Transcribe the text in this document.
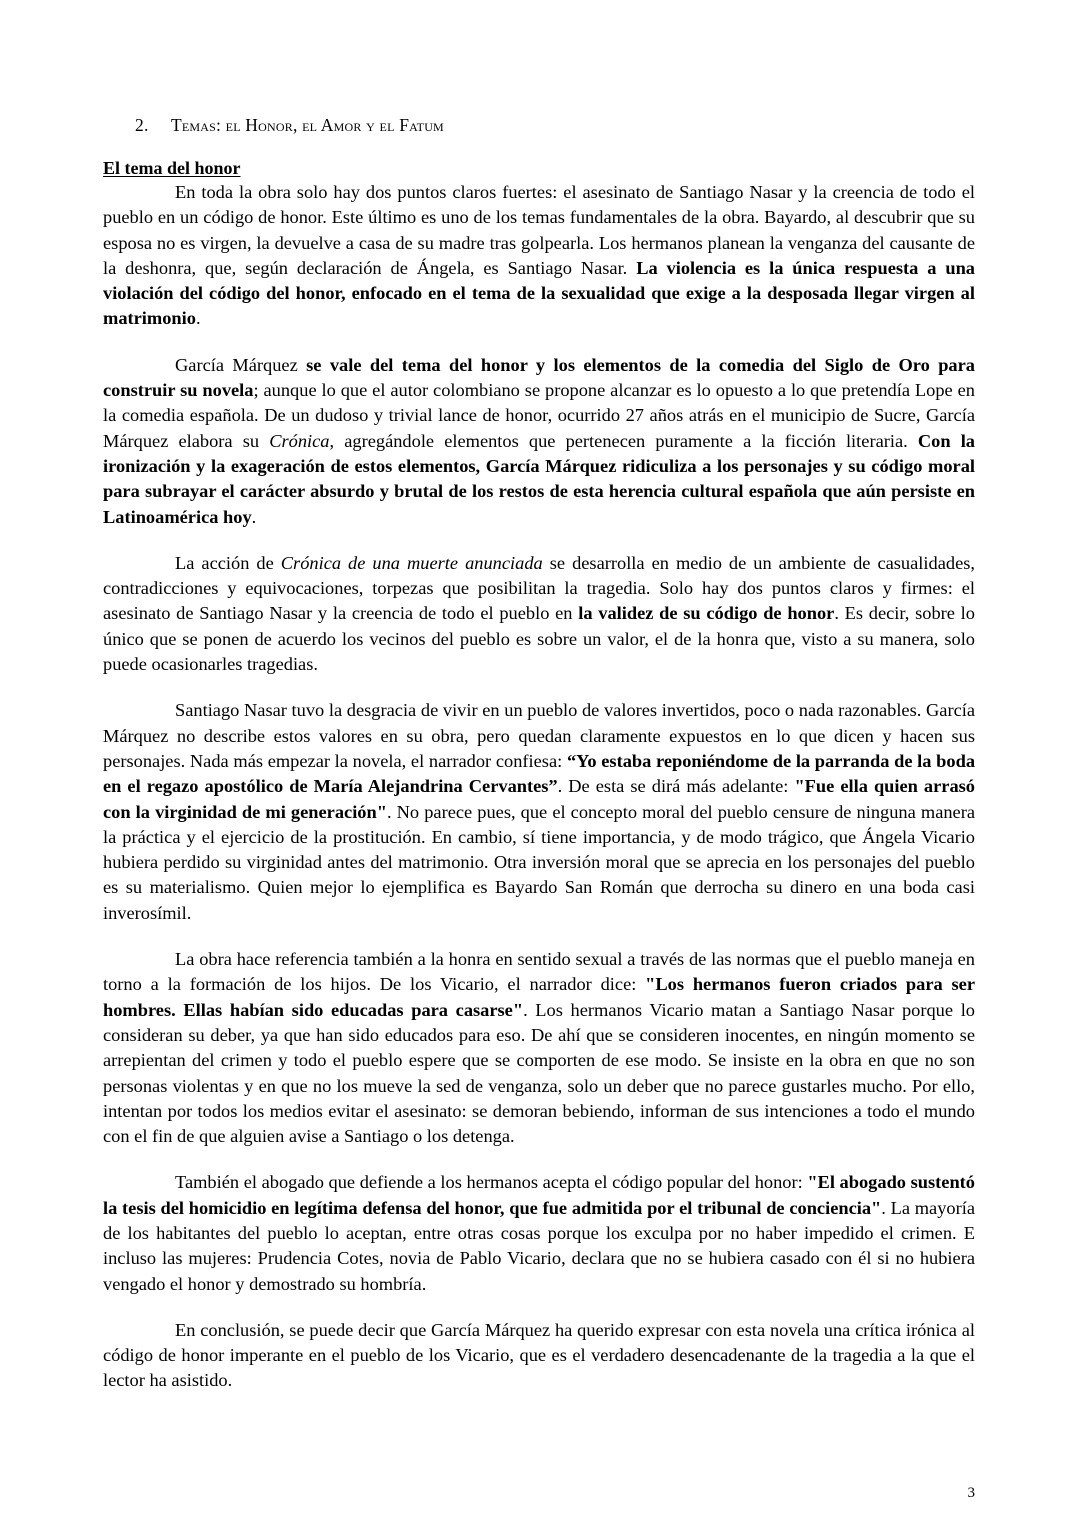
2.	Temas: el Honor, el Amor y el Fatum
El tema del honor

En toda la obra solo hay dos puntos claros fuertes: el asesinato de Santiago Nasar y la creencia de todo el pueblo en un código de honor. Este último es uno de los temas fundamentales de la obra. Bayardo, al descubrir que su esposa no es virgen, la devuelve a casa de su madre tras golpearla. Los hermanos planean la venganza del causante de la deshonra, que, según declaración de Ángela, es Santiago Nasar. La violencia es la única respuesta a una violación del código del honor, enfocado en el tema de la sexualidad que exige a la desposada llegar virgen al matrimonio.

García Márquez se vale del tema del honor y los elementos de la comedia del Siglo de Oro para construir su novela; aunque lo que el autor colombiano se propone alcanzar es lo opuesto a lo que pretendía Lope en la comedia española. De un dudoso y trivial lance de honor, ocurrido 27 años atrás en el municipio de Sucre, García Márquez elabora su Crónica, agregándole elementos que pertenecen puramente a la ficción literaria. Con la ironización y la exageración de estos elementos, García Márquez ridiculiza a los personajes y su código moral para subrayar el carácter absurdo y brutal de los restos de esta herencia cultural española que aún persiste en Latinoamérica hoy.

La acción de Crónica de una muerte anunciada se desarrolla en medio de un ambiente de casualidades, contradicciones y equivocaciones, torpezas que posibilitan la tragedia. Solo hay dos puntos claros y firmes: el asesinato de Santiago Nasar y la creencia de todo el pueblo en la validez de su código de honor. Es decir, sobre lo único que se ponen de acuerdo los vecinos del pueblo es sobre un valor, el de la honra que, visto a su manera, solo puede ocasionarles tragedias.

Santiago Nasar tuvo la desgracia de vivir en un pueblo de valores invertidos, poco o nada razonables. García Márquez no describe estos valores en su obra, pero quedan claramente expuestos en lo que dicen y hacen sus personajes. Nada más empezar la novela, el narrador confiesa: “Yo estaba reponiéndome de la parranda de la boda en el regazo apostólico de María Alejandrina Cervantes”. De esta se dirá más adelante: "Fue ella quien arrasó con la virginidad de mi generación". No parece pues, que el concepto moral del pueblo censure de ninguna manera la práctica y el ejercicio de la prostitución. En cambio, sí tiene importancia, y de modo trágico, que Ángela Vicario hubiera perdido su virginidad antes del matrimonio. Otra inversión moral que se aprecia en los personajes del pueblo es su materialismo. Quien mejor lo ejemplifica es Bayardo San Román que derrocha su dinero en una boda casi inverosímil.

La obra hace referencia también a la honra en sentido sexual a través de las normas que el pueblo maneja en torno a la formación de los hijos. De los Vicario, el narrador dice: "Los hermanos fueron criados para ser hombres. Ellas habían sido educadas para casarse". Los hermanos Vicario matan a Santiago Nasar porque lo consideran su deber, ya que han sido educados para eso. De ahí que se consideren inocentes, en ningún momento se arrepientan del crimen y todo el pueblo espere que se comporten de ese modo. Se insiste en la obra en que no son personas violentas y en que no los mueve la sed de venganza, solo un deber que no parece gustarles mucho. Por ello, intentan por todos los medios evitar el asesinato: se demoran bebiendo, informan de sus intenciones a todo el mundo con el fin de que alguien avise a Santiago o los detenga.

También el abogado que defiende a los hermanos acepta el código popular del honor: "El abogado sustentó la tesis del homicidio en legítima defensa del honor, que fue admitida por el tribunal de conciencia". La mayoría de los habitantes del pueblo lo aceptan, entre otras cosas porque los exculpa por no haber impedido el crimen. E incluso las mujeres: Prudencia Cotes, novia de Pablo Vicario, declara que no se hubiera casado con él si no hubiera vengado el honor y demostrado su hombría.

En conclusión, se puede decir que García Márquez ha querido expresar con esta novela una crítica irónica al código de honor imperante en el pueblo de los Vicario, que es el verdadero desencadenante de la tragedia a la que el lector ha asistido.

3
